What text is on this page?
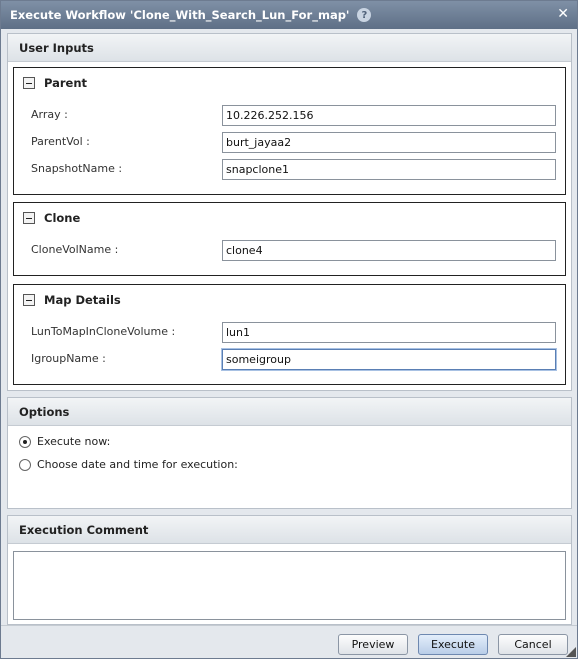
Execute Workflow 'Clone_With_Search_Lun_For_map'	?	✕
User Inputs
Parent
Array :
10.226.252.156
ParentVol :
burt_jayaa2
SnapshotName :
snapclone1
Clone
CloneVolName :
clone4
Map Details
LunToMapInCloneVolume :
lun1
IgroupName :
someigroup
Options
Execute now:
Choose date and time for execution:
Execution Comment
Preview	Execute	Cancel
